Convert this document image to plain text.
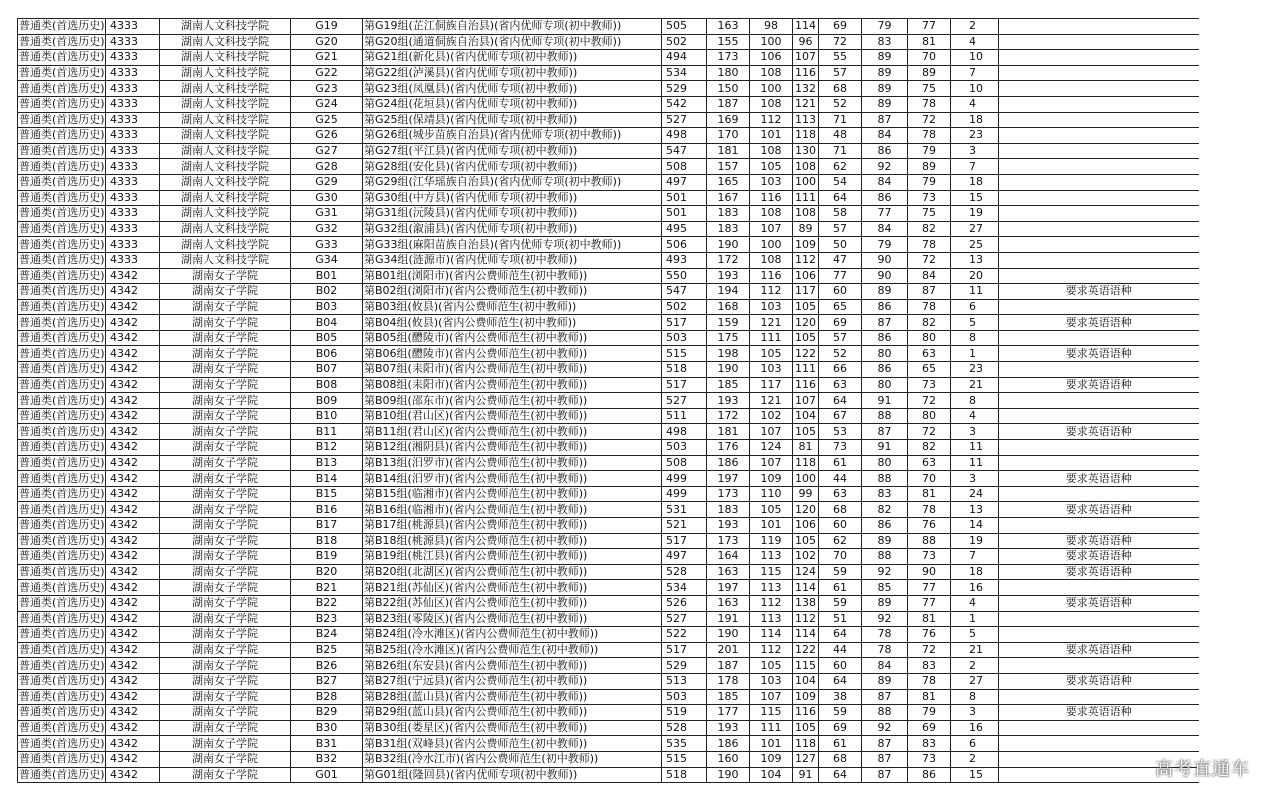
普通类(首选历史)	4333	湖南人文科技学院	G19	第G19组(芷江侗族自治县)(省内优师专项(初中教师))	505	163	98	114	69	79	77	2	
普通类(首选历史)	4333	湖南人文科技学院	G20	第G20组(通道侗族自治县)(省内优师专项(初中教师))	502	155	100	96	72	83	81	4	
普通类(首选历史)	4333	湖南人文科技学院	G21	第G21组(新化县)(省内优师专项(初中教师))	494	173	106	107	55	89	70	10	
普通类(首选历史)	4333	湖南人文科技学院	G22	第G22组(泸溪县)(省内优师专项(初中教师))	534	180	108	116	57	89	89	7	
普通类(首选历史)	4333	湖南人文科技学院	G23	第G23组(凤凰县)(省内优师专项(初中教师))	529	150	100	132	68	89	75	10	
普通类(首选历史)	4333	湖南人文科技学院	G24	第G24组(花垣县)(省内优师专项(初中教师))	542	187	108	121	52	89	78	4	
普通类(首选历史)	4333	湖南人文科技学院	G25	第G25组(保靖县)(省内优师专项(初中教师))	527	169	112	113	71	87	72	18	
普通类(首选历史)	4333	湖南人文科技学院	G26	第G26组(城步苗族自治县)(省内优师专项(初中教师))	498	170	101	118	48	84	78	23	
普通类(首选历史)	4333	湖南人文科技学院	G27	第G27组(平江县)(省内优师专项(初中教师))	547	181	108	130	71	86	79	3	
普通类(首选历史)	4333	湖南人文科技学院	G28	第G28组(安化县)(省内优师专项(初中教师))	508	157	105	108	62	92	89	7	
普通类(首选历史)	4333	湖南人文科技学院	G29	第G29组(江华瑶族自治县)(省内优师专项(初中教师))	497	165	103	100	54	84	79	18	
普通类(首选历史)	4333	湖南人文科技学院	G30	第G30组(中方县)(省内优师专项(初中教师))	501	167	116	111	64	86	73	15	
普通类(首选历史)	4333	湖南人文科技学院	G31	第G31组(沅陵县)(省内优师专项(初中教师))	501	183	108	108	58	77	75	19	
普通类(首选历史)	4333	湖南人文科技学院	G32	第G32组(溆浦县)(省内优师专项(初中教师))	495	183	107	89	57	84	82	27	
普通类(首选历史)	4333	湖南人文科技学院	G33	第G33组(麻阳苗族自治县)(省内优师专项(初中教师))	506	190	100	109	50	79	78	25	
普通类(首选历史)	4333	湖南人文科技学院	G34	第G34组(涟源市)(省内优师专项(初中教师))	493	172	108	112	47	90	72	13	
普通类(首选历史)	4342	湖南女子学院	B01	第B01组(浏阳市)(省内公费师范生(初中教师))	550	193	116	106	77	90	84	20	
普通类(首选历史)	4342	湖南女子学院	B02	第B02组(浏阳市)(省内公费师范生(初中教师))	547	194	112	117	60	89	87	11	要求英语语种
普通类(首选历史)	4342	湖南女子学院	B03	第B03组(攸县)(省内公费师范生(初中教师))	502	168	103	105	65	86	78	6	
普通类(首选历史)	4342	湖南女子学院	B04	第B04组(攸县)(省内公费师范生(初中教师))	517	159	121	120	69	87	82	5	要求英语语种
普通类(首选历史)	4342	湖南女子学院	B05	第B05组(醴陵市)(省内公费师范生(初中教师))	503	175	111	105	57	86	80	8	
普通类(首选历史)	4342	湖南女子学院	B06	第B06组(醴陵市)(省内公费师范生(初中教师))	515	198	105	122	52	80	63	1	要求英语语种
普通类(首选历史)	4342	湖南女子学院	B07	第B07组(耒阳市)(省内公费师范生(初中教师))	518	190	103	111	66	86	65	23	
普通类(首选历史)	4342	湖南女子学院	B08	第B08组(耒阳市)(省内公费师范生(初中教师))	517	185	117	116	63	80	73	21	要求英语语种
普通类(首选历史)	4342	湖南女子学院	B09	第B09组(邵东市)(省内公费师范生(初中教师))	527	193	121	107	64	91	72	8	
普通类(首选历史)	4342	湖南女子学院	B10	第B10组(君山区)(省内公费师范生(初中教师))	511	172	102	104	67	88	80	4	
普通类(首选历史)	4342	湖南女子学院	B11	第B11组(君山区)(省内公费师范生(初中教师))	498	181	107	105	53	87	72	3	要求英语语种
普通类(首选历史)	4342	湖南女子学院	B12	第B12组(湘阴县)(省内公费师范生(初中教师))	503	176	124	81	73	91	82	11	
普通类(首选历史)	4342	湖南女子学院	B13	第B13组(汨罗市)(省内公费师范生(初中教师))	508	186	107	118	61	80	63	11	
普通类(首选历史)	4342	湖南女子学院	B14	第B14组(汨罗市)(省内公费师范生(初中教师))	499	197	109	100	44	88	70	3	要求英语语种
普通类(首选历史)	4342	湖南女子学院	B15	第B15组(临湘市)(省内公费师范生(初中教师))	499	173	110	99	63	83	81	24	
普通类(首选历史)	4342	湖南女子学院	B16	第B16组(临湘市)(省内公费师范生(初中教师))	531	183	105	120	68	82	78	13	要求英语语种
普通类(首选历史)	4342	湖南女子学院	B17	第B17组(桃源县)(省内公费师范生(初中教师))	521	193	101	106	60	86	76	14	
普通类(首选历史)	4342	湖南女子学院	B18	第B18组(桃源县)(省内公费师范生(初中教师))	517	173	119	105	62	89	88	19	要求英语语种
普通类(首选历史)	4342	湖南女子学院	B19	第B19组(桃江县)(省内公费师范生(初中教师))	497	164	113	102	70	88	73	7	要求英语语种
普通类(首选历史)	4342	湖南女子学院	B20	第B20组(北湖区)(省内公费师范生(初中教师))	528	163	115	124	59	92	90	18	要求英语语种
普通类(首选历史)	4342	湖南女子学院	B21	第B21组(苏仙区)(省内公费师范生(初中教师))	534	197	113	114	61	85	77	16	
普通类(首选历史)	4342	湖南女子学院	B22	第B22组(苏仙区)(省内公费师范生(初中教师))	526	163	112	138	59	89	77	4	要求英语语种
普通类(首选历史)	4342	湖南女子学院	B23	第B23组(零陵区)(省内公费师范生(初中教师))	527	191	113	112	51	92	81	1	
普通类(首选历史)	4342	湖南女子学院	B24	第B24组(冷水滩区)(省内公费师范生(初中教师))	522	190	114	114	64	78	76	5	
普通类(首选历史)	4342	湖南女子学院	B25	第B25组(冷水滩区)(省内公费师范生(初中教师))	517	201	112	122	44	78	72	21	要求英语语种
普通类(首选历史)	4342	湖南女子学院	B26	第B26组(东安县)(省内公费师范生(初中教师))	529	187	105	115	60	84	83	2	
普通类(首选历史)	4342	湖南女子学院	B27	第B27组(宁远县)(省内公费师范生(初中教师))	513	178	103	104	64	89	78	27	要求英语语种
普通类(首选历史)	4342	湖南女子学院	B28	第B28组(蓝山县)(省内公费师范生(初中教师))	503	185	107	109	38	87	81	8	
普通类(首选历史)	4342	湖南女子学院	B29	第B29组(蓝山县)(省内公费师范生(初中教师))	519	177	115	116	59	88	79	3	要求英语语种
普通类(首选历史)	4342	湖南女子学院	B30	第B30组(娄星区)(省内公费师范生(初中教师))	528	193	111	105	69	92	69	16	
普通类(首选历史)	4342	湖南女子学院	B31	第B31组(双峰县)(省内公费师范生(初中教师))	535	186	101	118	61	87	83	6	
普通类(首选历史)	4342	湖南女子学院	B32	第B32组(冷水江市)(省内公费师范生(初中教师))	515	160	109	127	68	87	73	2	
普通类(首选历史)	4342	湖南女子学院	G01	第G01组(隆回县)(省内优师专项(初中教师))	518	190	104	91	64	87	86	15		高考直通车
